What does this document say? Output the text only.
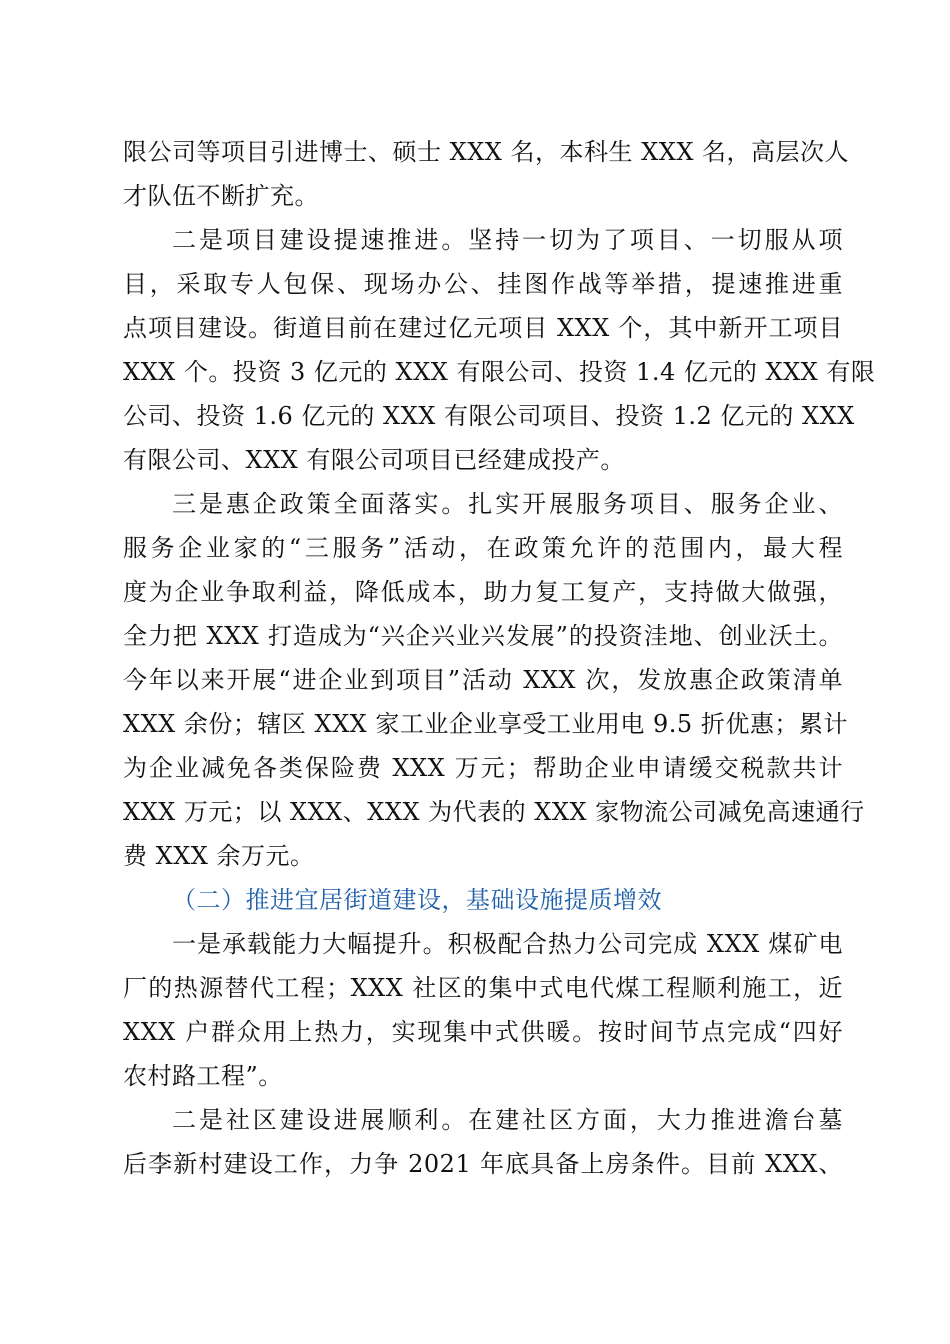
限公司等项目引进博士、硕士 XXX 名，本科生 XXX 名，高层次人
才队伍不断扩充。
二是项目建设提速推进。坚持一切为了项目、一切服从项
目，采取专人包保、现场办公、挂图作战等举措，提速推进重
点项目建设。街道目前在建过亿元项目 XXX 个，其中新开工项目
XXX 个。投资 3 亿元的 XXX 有限公司、投资 1.4 亿元的 XXX 有限
公司、投资 1.6 亿元的 XXX 有限公司项目、投资 1.2 亿元的 XXX
有限公司、XXX 有限公司项目已经建成投产。
三是惠企政策全面落实。扎实开展服务项目、服务企业、
服务企业家的“三服务”活动，在政策允许的范围内，最大程
度为企业争取利益，降低成本，助力复工复产，支持做大做强，
全力把 XXX 打造成为“兴企兴业兴发展”的投资洼地、创业沃土。
今年以来开展“进企业到项目”活动 XXX 次，发放惠企政策清单
XXX 余份；辖区 XXX 家工业企业享受工业用电 9.5 折优惠；累计
为企业减免各类保险费 XXX 万元；帮助企业申请缓交税款共计
XXX 万元；以 XXX、XXX 为代表的 XXX 家物流公司减免高速通行
费 XXX 余万元。
（二）推进宜居街道建设，基础设施提质增效
一是承载能力大幅提升。积极配合热力公司完成 XXX 煤矿电
厂的热源替代工程；XXX 社区的集中式电代煤工程顺利施工，近
XXX 户群众用上热力，实现集中式供暖。按时间节点完成“四好
农村路工程”。
二是社区建设进展顺利。在建社区方面，大力推进澹台墓
后李新村建设工作，力争 2021 年底具备上房条件。目前 XXX、
